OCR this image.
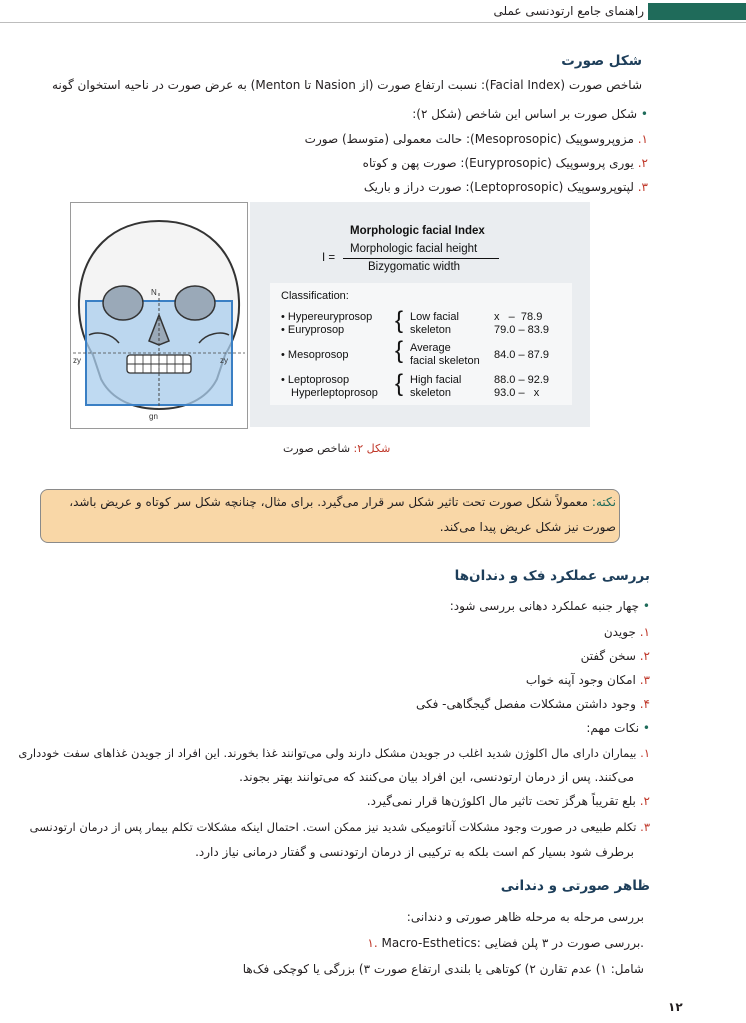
راهنمای جامع ارتودنسی عملی
شکل صورت
شاخص صورت (Facial Index): نسبت ارتفاع صورت (از Nasion تا Menton) به عرض صورت در ناحیه استخوان گونه
• شکل صورت بر اساس این شاخص (شکل ۲):
۱. مزوپروسوپیک (Mesoprosopic): حالت معمولی (متوسط) صورت
۲. یوری پروسوپیک (Euryprosopic): صورت پهن و کوتاه
۳. لپتوپروسوپیک (Leptoprosopic): صورت دراز و باریک
N
zy	zy
gn
Morphologic facial Index
I =
Morphologic facial height
Bizygomatic width
Classification:
• Hypereuryprosop
• Euryprosop { Low facial
skeleton
x   –  78.9
79.0 – 83.9
• Mesoprosop { Average
facial skeleton 84.0 – 87.9
• Leptoprosop
Hyperleptoprosop { High facial
skeleton
88.0 – 92.9
93.0 –   x
شکل ۲: شاخص صورت
نکته: معمولاً شکل صورت تحت تاثیر شکل سر قرار می‌گیرد. برای مثال، چنانچه شکل سر کوتاه و عریض باشد،
صورت نیز شکل عریض پیدا می‌کند.
بررسی عملکرد فک و دندان‌ها
• چهار جنبه عملکرد دهانی بررسی شود:
۱. جویدن
۲. سخن گفتن
۳. امکان وجود آپنه خواب
۴. وجود داشتن مشکلات مفصل گیجگاهی- فکی
• نکات مهم:
۱. بیماران دارای مال اکلوژن شدید اغلب در جویدن مشکل دارند ولی می‌توانند غذا بخورند. این افراد از جویدن غذاهای سفت خودداری
می‌کنند. پس از درمان ارتودنسی، این افراد بیان می‌کنند که می‌توانند بهتر بجوند.
۲. بلع تقریباً هرگز تحت تاثیر مال اکلوژن‌ها قرار نمی‌گیرد.
۳. تکلم طبیعی در صورت وجود مشکلات آناتومیکی شدید نیز ممکن است. احتمال اینکه مشکلات تکلم بیمار پس از درمان ارتودنسی
برطرف شود بسیار کم است بلکه به ترکیبی از درمان ارتودنسی و گفتار درمانی نیاز دارد.
ظاهر صورتی و دندانی
بررسی مرحله به مرحله ظاهر صورتی و دندانی:
۱. Macro-Esthetics: بررسی صورت در ۳ پلن فضایی.
شامل: ۱) عدم تقارن ۲) کوتاهی یا بلندی ارتفاع صورت ۳) بزرگی یا کوچکی فک‌ها
۱۲
